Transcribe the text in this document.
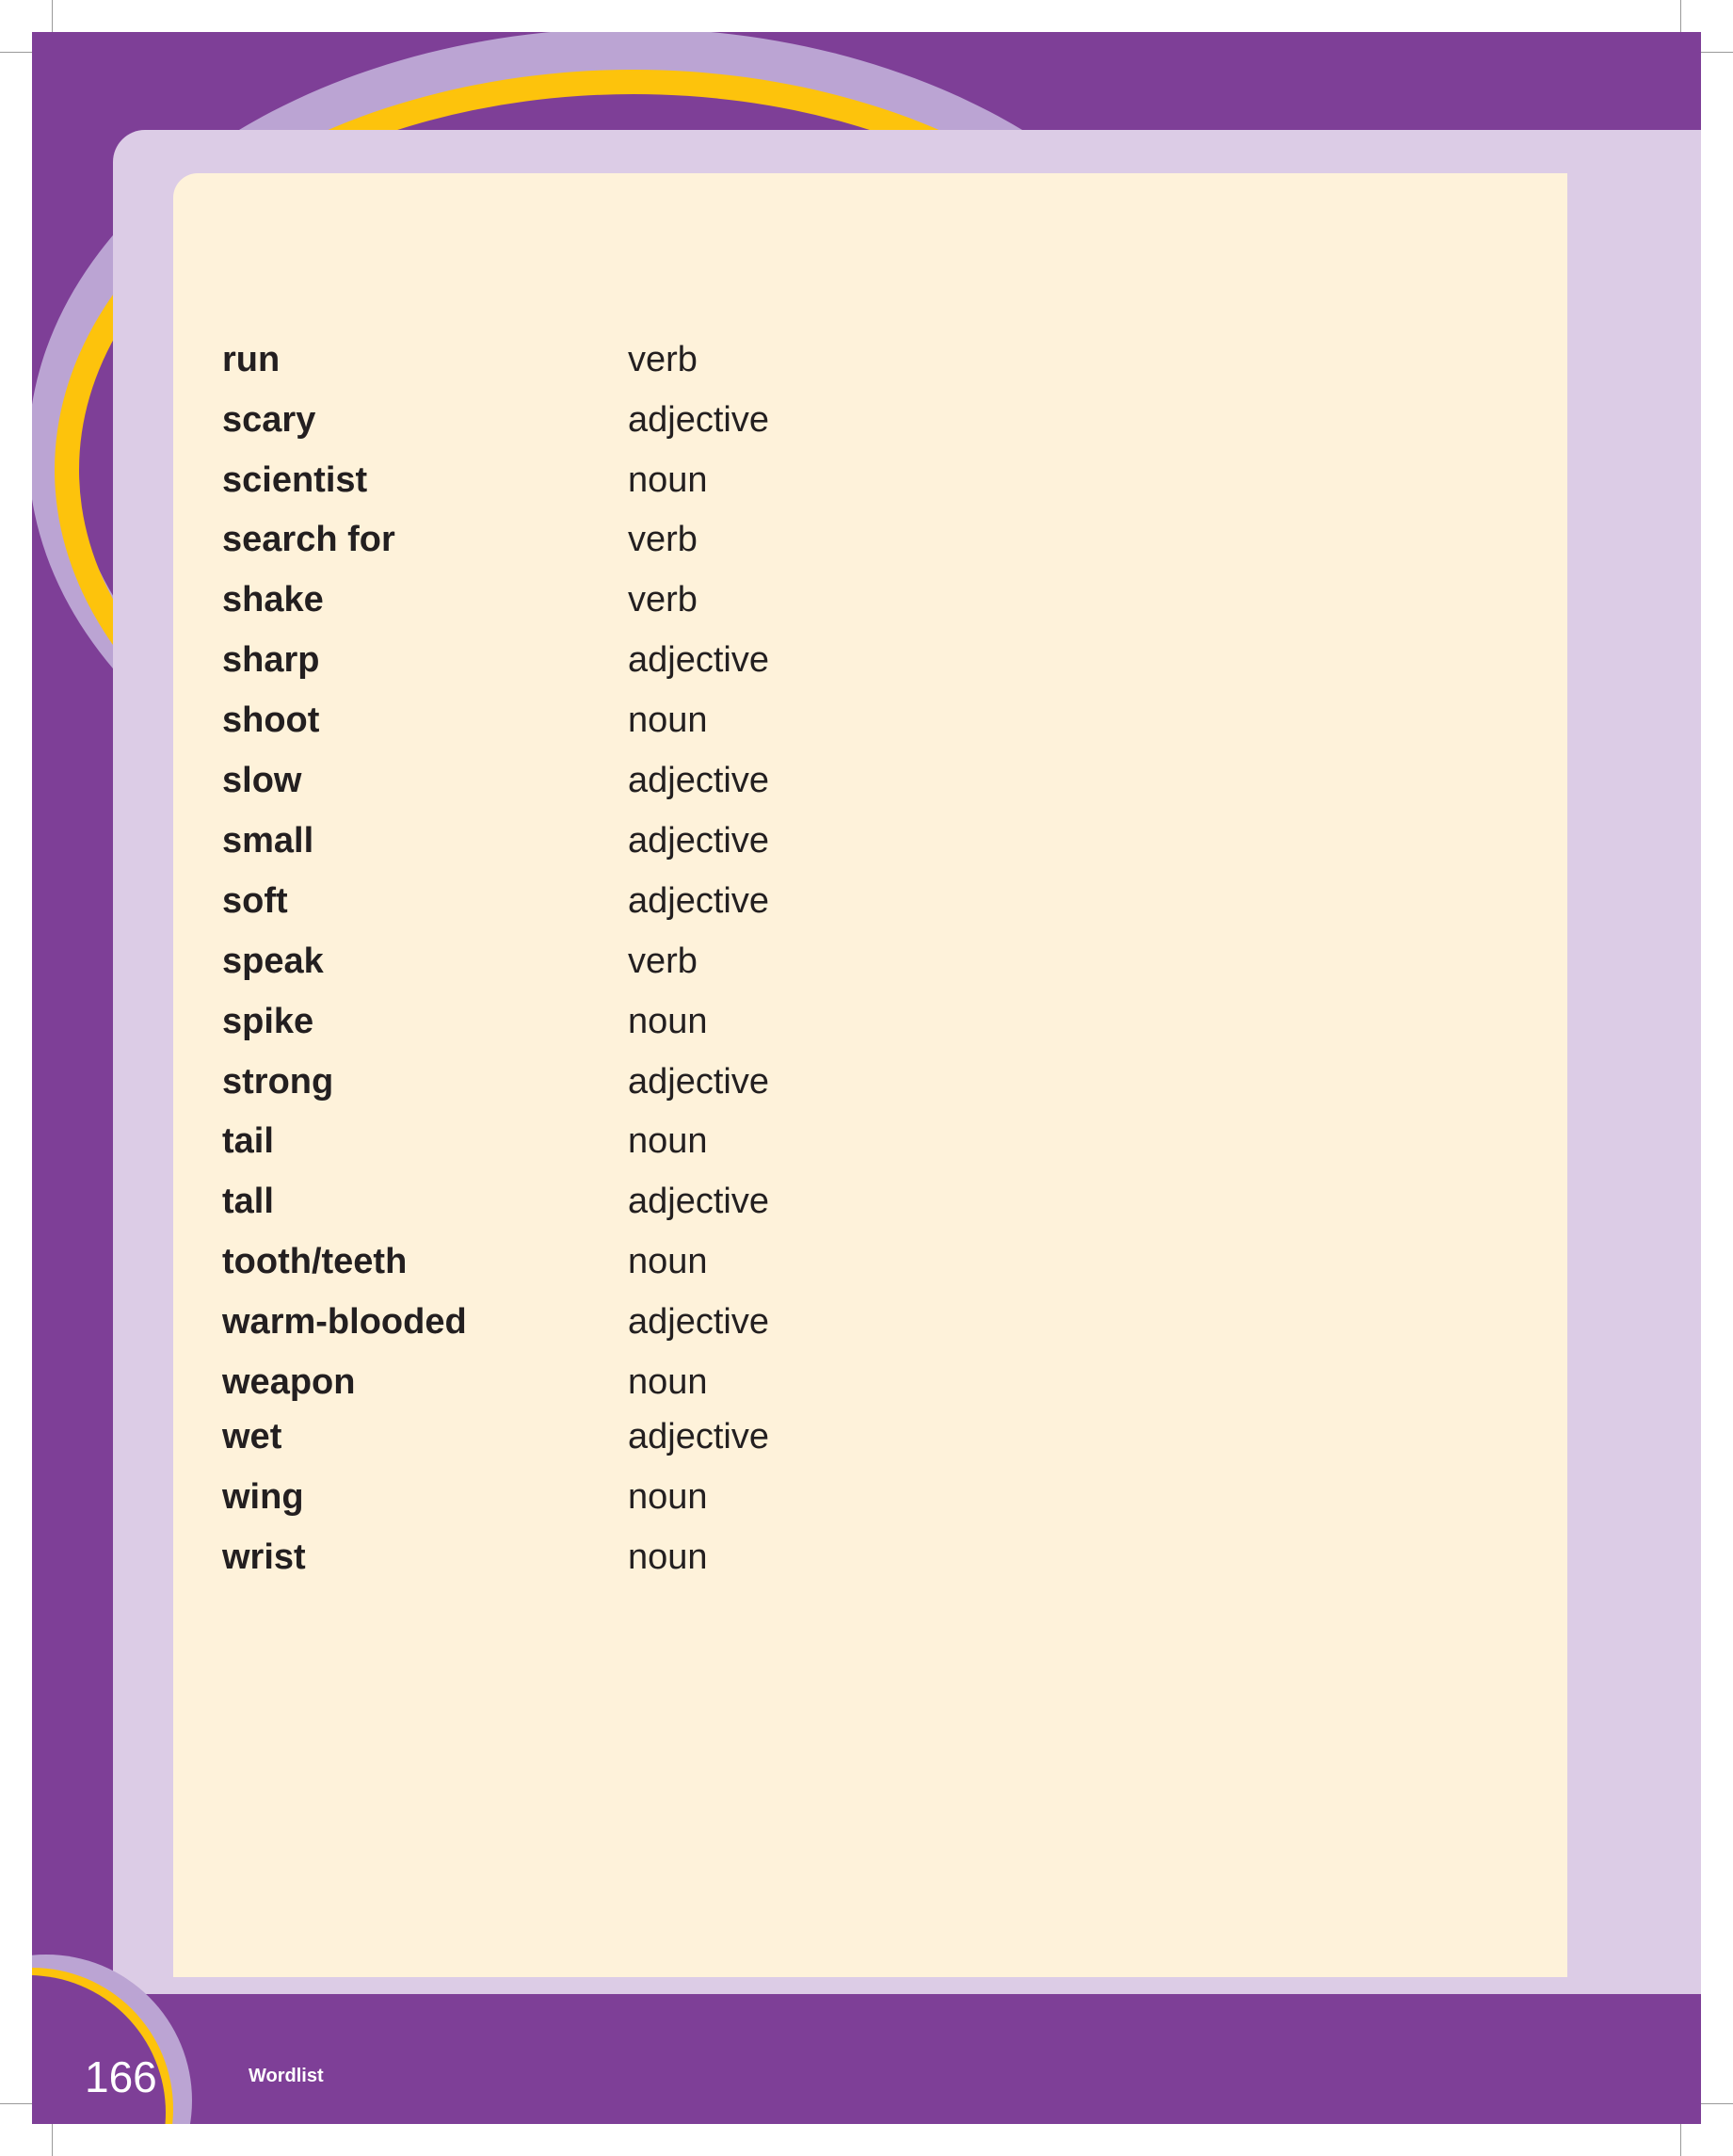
run	verb
scary	adjective
scientist	noun
search for	verb
shake	verb
sharp	adjective
shoot	noun
slow	adjective
small	adjective
soft	adjective
speak	verb
spike	noun
strong	adjective
tail	noun
tall	adjective
tooth/teeth	noun
warm-blooded	adjective
weapon	noun
wet	adjective
wing	noun
wrist	noun
166	Wordlist
